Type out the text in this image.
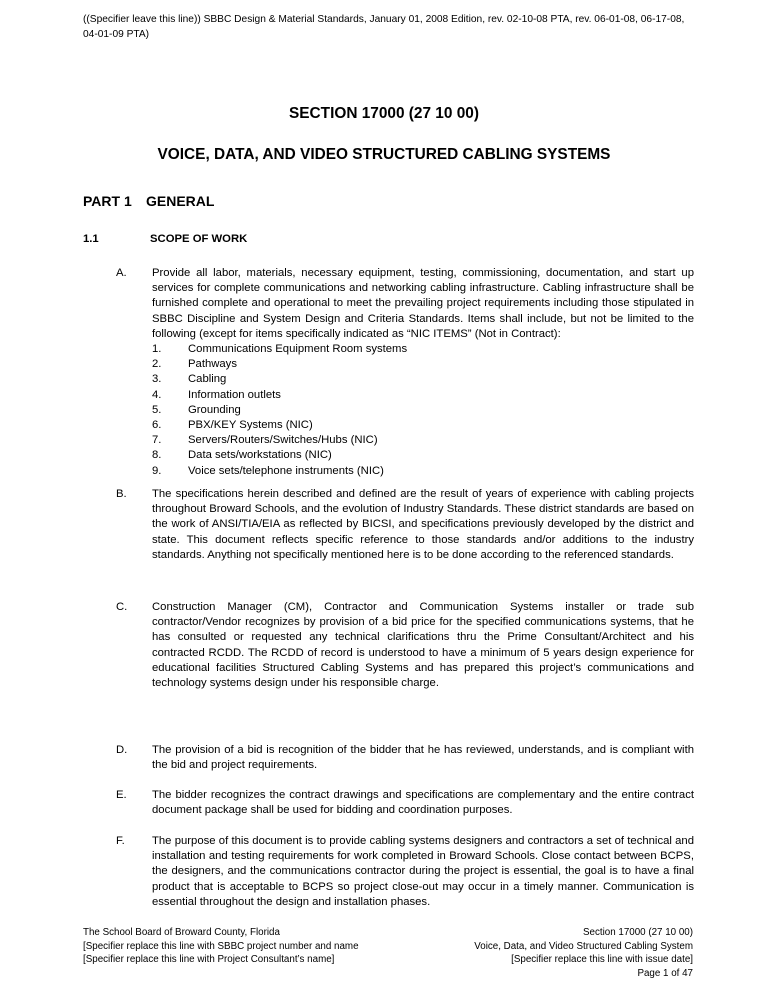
((Specifier leave this line)) SBBC Design & Material Standards, January 01, 2008 Edition, rev. 02-10-08 PTA, rev. 06-01-08, 06-17-08, 04-01-09 PTA)
SECTION 17000 (27 10 00)
VOICE, DATA, AND VIDEO STRUCTURED CABLING SYSTEMS
PART 1 GENERAL
1.1	SCOPE OF WORK
A. Provide all labor, materials, necessary equipment, testing, commissioning, documentation, and start up services for complete communications and networking cabling infrastructure. Cabling infrastructure shall be furnished complete and operational to meet the prevailing project requirements including those stipulated in SBBC Discipline and System Design and Criteria Standards. Items shall include, but not be limited to the following (except for items specifically indicated as “NIC ITEMS” (Not in Contract):
1. Communications Equipment Room systems
2. Pathways
3. Cabling
4. Information outlets
5. Grounding
6. PBX/KEY Systems (NIC)
7. Servers/Routers/Switches/Hubs (NIC)
8. Data sets/workstations (NIC)
9. Voice sets/telephone instruments (NIC)
B. The specifications herein described and defined are the result of years of experience with cabling projects throughout Broward Schools, and the evolution of Industry Standards. These district standards are based on the work of ANSI/TIA/EIA as reflected by BICSI, and specifications previously developed by the district and state. This document reflects specific reference to those standards and/or additions to the industry standards. Anything not specifically mentioned here is to be done according to the referenced standards.
C. Construction Manager (CM), Contractor and Communication Systems installer or trade sub contractor/Vendor recognizes by provision of a bid price for the specified communications systems, that he has consulted or requested any technical clarifications thru the Prime Consultant/Architect and his contracted RCDD. The RCDD of record is understood to have a minimum of 5 years design experience for educational facilities Structured Cabling Systems and has prepared this project’s communications and technology systems design under his responsible charge.
D. The provision of a bid is recognition of the bidder that he has reviewed, understands, and is compliant with the bid and project requirements.
E. The bidder recognizes the contract drawings and specifications are complementary and the entire contract document package shall be used for bidding and coordination purposes.
F. The purpose of this document is to provide cabling systems designers and contractors a set of technical and installation and testing requirements for work completed in Broward Schools. Close contact between BCPS, the designers, and the communications contractor during the project is essential, the goal is to have a final product that is acceptable to BCPS so project close-out may occur in a timely manner. Communication is essential throughout the design and installation phases.
The School Board of Broward County, Florida
[Specifier replace this line with SBBC project number and name
[Specifier replace this line with Project Consultant’s name]
Section 17000 (27 10 00)
Voice, Data, and Video Structured Cabling System
[Specifier replace this line with issue date]
Page 1 of 47
